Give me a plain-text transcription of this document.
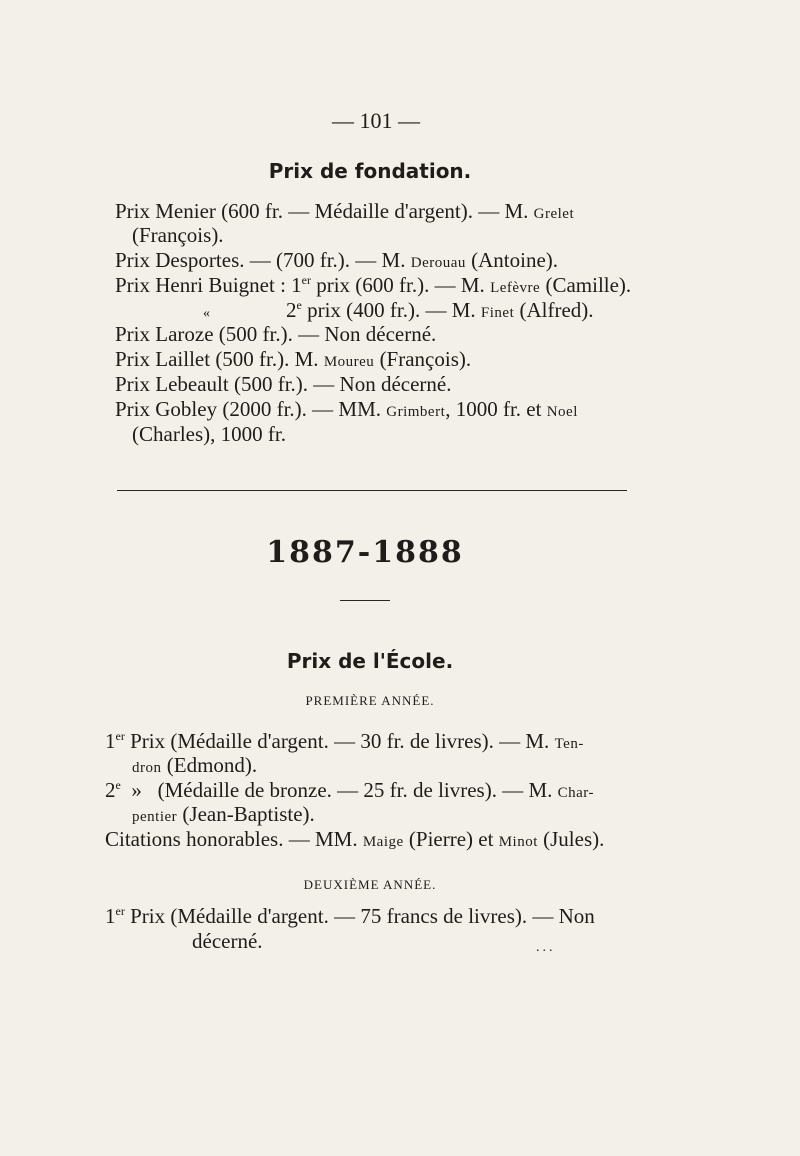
— 101 —
Prix de fondation.
Prix Menier (600 fr. — Médaille d'argent). — M. Grelet
(François).
Prix Desportes. — (700 fr.). — M. Derouau (Antoine).
Prix Henri Buignet : 1er prix (600 fr.). — M. Lefèvre (Camille).
«	2e prix (400 fr.). — M. Finet (Alfred).
Prix Laroze (500 fr.). — Non décerné.
Prix Laillet (500 fr.). M. Moureu (François).
Prix Lebeault (500 fr.). — Non décerné.
Prix Gobley (2000 fr.). — MM. Grimbert, 1000 fr. et Noel
(Charles), 1000 fr.
1887-1888
Prix de l'École.
PREMIÈRE ANNÉE.
1er Prix (Médaille d'argent. — 30 fr. de livres). — M. Ten-
dron (Edmond).
2e  »   (Médaille de bronze. — 25 fr. de livres). — M. Char-
pentier (Jean-Baptiste).
Citations honorables. — MM. Maige (Pierre) et Minot (Jules).
DEUXIÈME ANNÉE.
1er Prix (Médaille d'argent. — 75 francs de livres). — Non
décerné.	...
